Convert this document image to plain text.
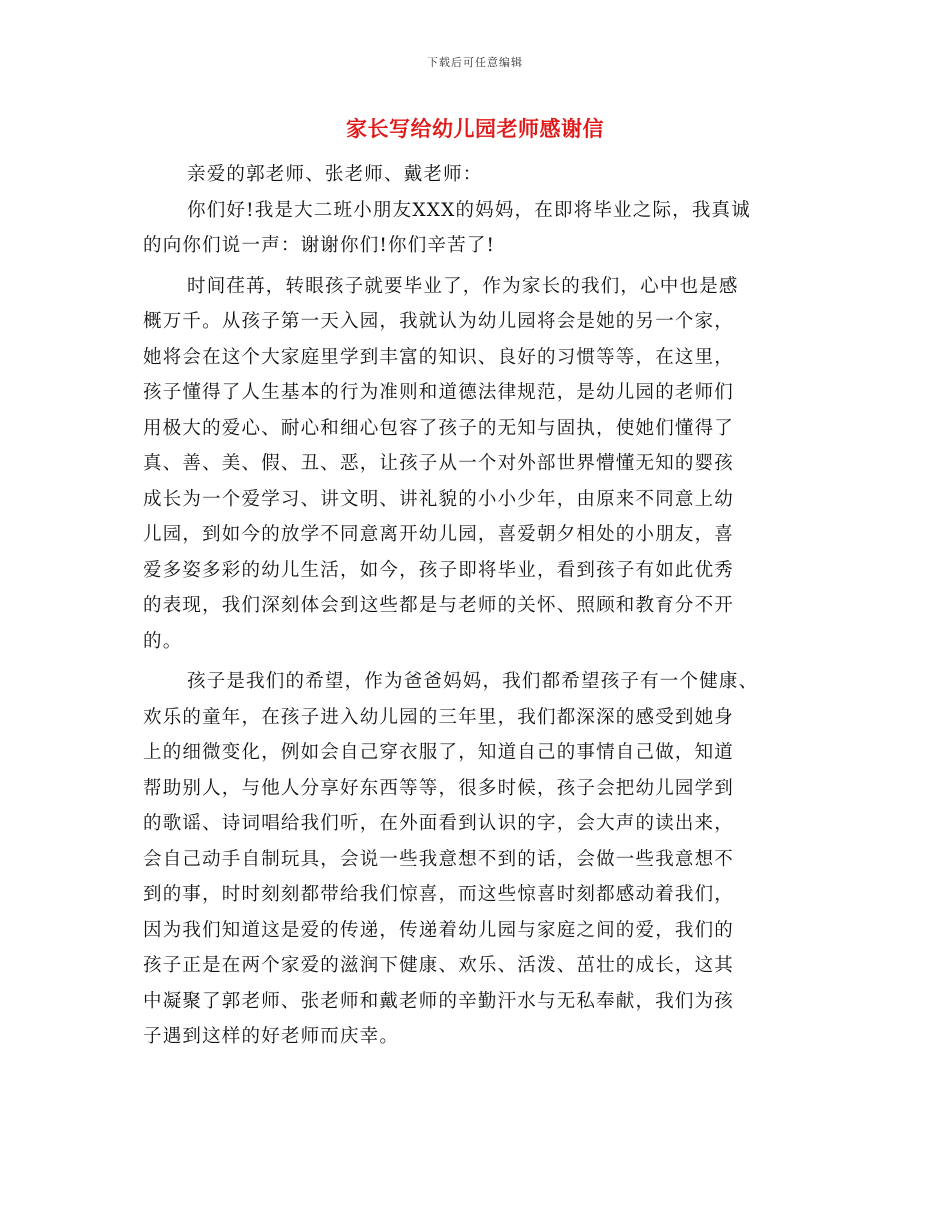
下载后可任意编辑
家长写给幼儿园老师感谢信
亲爱的郭老师、张老师、戴老师：
你们好!我是大二班小朋友XXX的妈妈，在即将毕业之际，我真诚
的向你们说一声：谢谢你们!你们辛苦了!
时间荏苒，转眼孩子就要毕业了，作为家长的我们，心中也是感
概万千。从孩子第一天入园，我就认为幼儿园将会是她的另一个家，
她将会在这个大家庭里学到丰富的知识、良好的习惯等等，在这里，
孩子懂得了人生基本的行为准则和道德法律规范，是幼儿园的老师们
用极大的爱心、耐心和细心包容了孩子的无知与固执，使她们懂得了
真、善、美、假、丑、恶，让孩子从一个对外部世界懵懂无知的婴孩
成长为一个爱学习、讲文明、讲礼貌的小小少年，由原来不同意上幼
儿园，到如今的放学不同意离开幼儿园，喜爱朝夕相处的小朋友，喜
爱多姿多彩的幼儿生活，如今，孩子即将毕业，看到孩子有如此优秀
的表现，我们深刻体会到这些都是与老师的关怀、照顾和教育分不开
的。
孩子是我们的希望，作为爸爸妈妈，我们都希望孩子有一个健康、
欢乐的童年，在孩子进入幼儿园的三年里，我们都深深的感受到她身
上的细微变化，例如会自己穿衣服了，知道自己的事情自己做，知道
帮助别人，与他人分享好东西等等，很多时候，孩子会把幼儿园学到
的歌谣、诗词唱给我们听，在外面看到认识的字，会大声的读出来，
会自己动手自制玩具，会说一些我意想不到的话，会做一些我意想不
到的事，时时刻刻都带给我们惊喜，而这些惊喜时刻都感动着我们，
因为我们知道这是爱的传递，传递着幼儿园与家庭之间的爱，我们的
孩子正是在两个家爱的滋润下健康、欢乐、活泼、茁壮的成长，这其
中凝聚了郭老师、张老师和戴老师的辛勤汗水与无私奉献，我们为孩
子遇到这样的好老师而庆幸。
